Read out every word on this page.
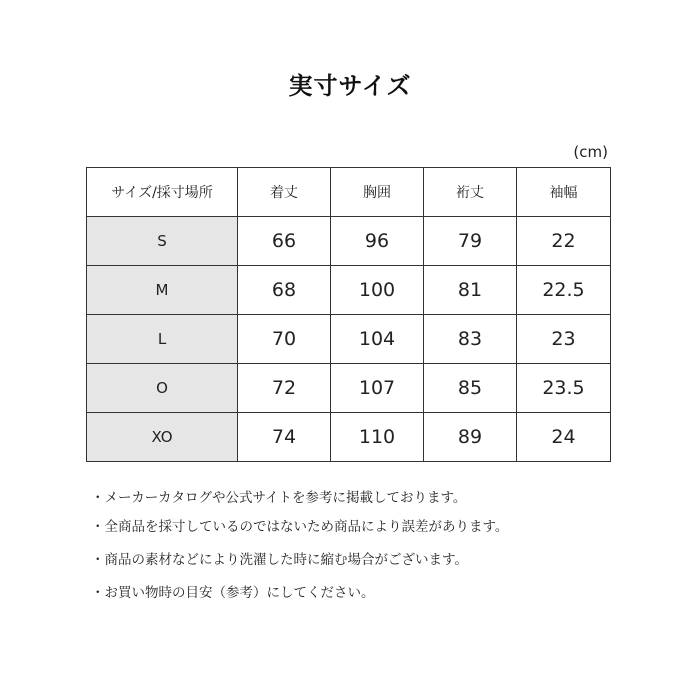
実寸サイズ
(cm)
サイズ/採寸場所	着丈	胸囲	裄丈	袖幅
S	66	96	79	22
M	68	100	81	22.5
L	70	104	83	23
O	72	107	85	23.5
XO	74	110	89	24
・メーカーカタログや公式サイトを参考に掲載しております。
・全商品を採寸しているのではないため商品により誤差があります。
・商品の素材などにより洗濯した時に縮む場合がございます。
・お買い物時の目安（参考）にしてください。
